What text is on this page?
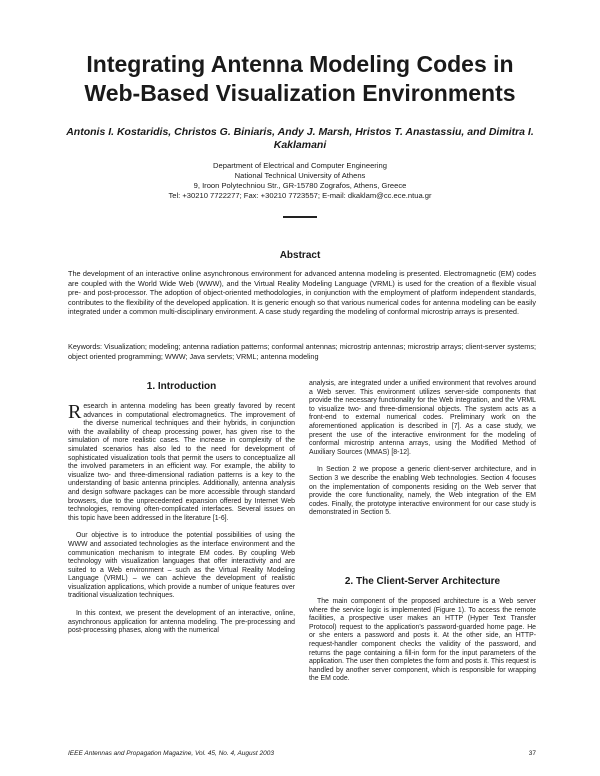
Integrating Antenna Modeling Codes in
Web-Based Visualization Environments
Antonis I. Kostaridis, Christos G. Biniaris, Andy J. Marsh, Hristos T. Anastassiu, and Dimitra I. Kaklamani
Department of Electrical and Computer Engineering
National Technical University of Athens
9, Iroon Polytechniou Str., GR-15780 Zografos, Athens, Greece
Tel: +30210 7722277; Fax: +30210 7723557; E-mail: dkaklam@cc.ece.ntua.gr
Abstract
The development of an interactive online asynchronous environment for advanced antenna modeling is presented. Electromagnetic (EM) codes are coupled with the World Wide Web (WWW), and the Virtual Reality Modeling Language (VRML) is used for the creation of a flexible visual pre- and post-processor. The adoption of object-oriented methodologies, in conjunction with the employment of platform independent standards, contributes to the flexibility of the developed application. It is generic enough so that various numerical codes for antenna modeling can be easily integrated under a common multi-disciplinary environment. A case study regarding the modeling of conformal microstrip arrays is presented.
Keywords: Visualization; modeling; antenna radiation patterns; conformal antennas; microstrip antennas; microstrip arrays; client-server systems; object oriented programming; WWW; Java servlets; VRML; antenna modeling
1. Introduction

Research in antenna modeling has been greatly favored by recent advances in computational electromagnetics. The improvement of the diverse numerical techniques and their hybrids, in conjunction with the availability of cheap processing power, has given rise to the simulation of more realistic cases. The increase in complexity of the simulated scenarios has also led to the need for development of sophisticated visualization tools that permit the users to conceptualize all the involved parameters in an efficient way. For example, the ability to visualize two- and three-dimensional radiation patterns is a key to the understanding of basic antenna principles. Additionally, antenna analysis and design software packages can be more accessible through standard browsers, due to the unprecedented expansion offered by Internet Web technologies, removing often-complicated interfaces. Several issues on this topic have been addressed in the literature [1-6].

Our objective is to introduce the potential possibilities of using the WWW and associated technologies as the interface environment and the communication mechanism to integrate EM codes. By coupling Web technology with visualization languages that offer interactivity and are suited to a Web environment – such as the Virtual Reality Modeling Language (VRML) – we can achieve the development of realistic visualization applications, which provide a number of unique features over traditional visualization techniques.

In this context, we present the development of an interactive, online, asynchronous application for antenna modeling. The pre-processing and post-processing phases, along with the numerical

analysis, are integrated under a unified environment that revolves around a Web server. This environment utilizes server-side components that provide the necessary functionality for the Web integration, and the VRML to visualize two- and three-dimensional objects. The system acts as a front-end to external numerical codes. Preliminary work on the aforementioned application is described in [7]. As a case study, we present the use of the interactive environment for the modeling of conformal microstrip antenna arrays, using the Modified Method of Auxiliary Sources (MMAS) [8-12].

In Section 2 we propose a generic client-server architecture, and in Section 3 we describe the enabling Web technologies. Section 4 focuses on the implementation of components residing on the Web server that provide the core functionality, namely, the Web integration of the EM codes. Finally, the prototype interactive environment for our case study is demonstrated in Section 5.

2. The Client-Server Architecture

The main component of the proposed architecture is a Web server where the service logic is implemented (Figure 1). To access the remote facilities, a prospective user makes an HTTP (Hyper Text Transfer Protocol) request to the application's password-guarded home page. He or she enters a password and posts it. At the other side, an HTTP-request-handler component checks the validity of the password, and returns the page containing a fill-in form for the input parameters of the application. The user then completes the form and posts it. This request is handled by another server component, which is responsible for wrapping the EM code.

IEEE Antennas and Propagation Magazine, Vol. 45, No. 4, August 2003	37
